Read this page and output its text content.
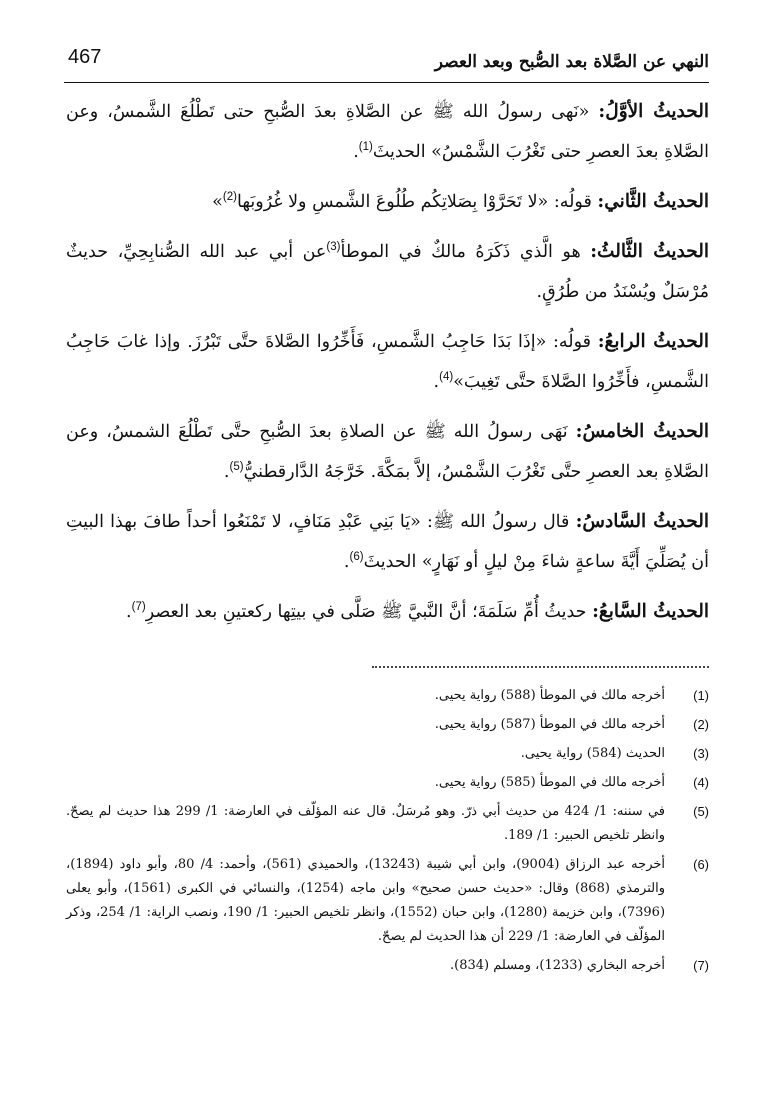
467	النهي عن الصَّلاة بعد الصُّبح وبعد العصر

الحديثُ الأوَّلُ: «نَهى رسولُ الله ﷺ عن الصَّلاةِ بعدَ الصُّبحِ حتى تَطْلُعَ الشَّمسُ، وعن الصَّلاةِ بعدَ العصرِ حتى تَغْرُبَ الشَّمْسُ» الحديثَ$^{(1)}$.

الحديثُ الثَّاني: قولُه: «لا تَحَرَّوْا بِصَلاتِكُم طُلُوعَ الشَّمسِ ولا غُرُوبَها$^{(2)}$»

الحديثُ الثَّالثُ: هو الَّذي ذَكَرَهُ مالكٌ في الموطأ$^{(3)}$عن أبي عبد الله الصُّنابِحِيِّ، حديثٌ مُرْسَلٌ ويُسْنَدُ من طُرُقٍ.

الحديثُ الرابعُ: قولُه: «إذَا بَدَا حَاجِبُ الشَّمسِ، فَأَخِّرُوا الصَّلاةَ حتَّى تَبْرُزَ. وإذا غابَ حَاجِبُ الشَّمسِ، فأَخِّرُوا الصَّلاةَ حتَّى تَغِيبَ»$^{(4)}$.

الحديثُ الخامسُ: نَهَى رسولُ الله ﷺ عن الصلاةِ بعدَ الصُّبحِ حتَّى تَطْلُعَ الشمسُ، وعن الصَّلاةِ بعد العصرِ حتَّى تَغْرُبَ الشَّمْسُ، إلاَّ بمَكَّةَ. خَرَّجَهُ الدَّارقطنيُّ$^{(5)}$.

الحديثُ السَّادسُ: قال رسولُ الله ﷺ: «يَا بَنِي عَبْدِ مَنَافٍ، لا تَمْنَعُوا أحداً طافَ بهذا البيتِ أن يُصَلِّيَ أَيَّةَ ساعةٍ شاءَ مِنْ ليلٍ أو نَهَارٍ» الحديثَ$^{(6)}$.

الحديثُ السَّابعُ: حديثُ أُمِّ سَلَمَةَ؛ أنَّ النَّبيَّ ﷺ صَلَّى في بيتِها ركعتينِ بعد العصرِ$^{(7)}$.

(1)
أخرجه مالك في الموطأ (588) رواية يحيى.
(2)
أخرجه مالك في الموطأ (587) رواية يحيى.
(3)
الحديث (584) رواية يحيى.
(4)
أخرجه مالك في الموطأ (585) رواية يحيى.
(5)
في سننه: 1/ 424 من حديث أبي ذرّ. وهو مُرسَلٌ. قال عنه المؤلّف في العارضة: 1/ 299 هذا حديث لم يصحّ. وانظر تلخيص الحبير: 1/ 189.
(6)
أخرجه عبد الرزاق (9004)، وابن أبي شيبة (13243)، والحميدي (561)، وأحمد: 4/ 80، وأبو داود (1894)، والترمذي (868) وقال: «حديث حسن صحيح» وابن ماجه (1254)، والنسائي في الكبرى (1561)، وأبو يعلى (7396)، وابن خزيمة (1280)، وابن حبان (1552)، وانظر تلخيص الحبير: 1/ 190، ونصب الراية: 1/ 254، وذكر المؤلّف في العارضة: 1/ 229 أن هذا الحديث لم يصحّ.
(7)
أخرجه البخاري (1233)، ومسلم (834).
